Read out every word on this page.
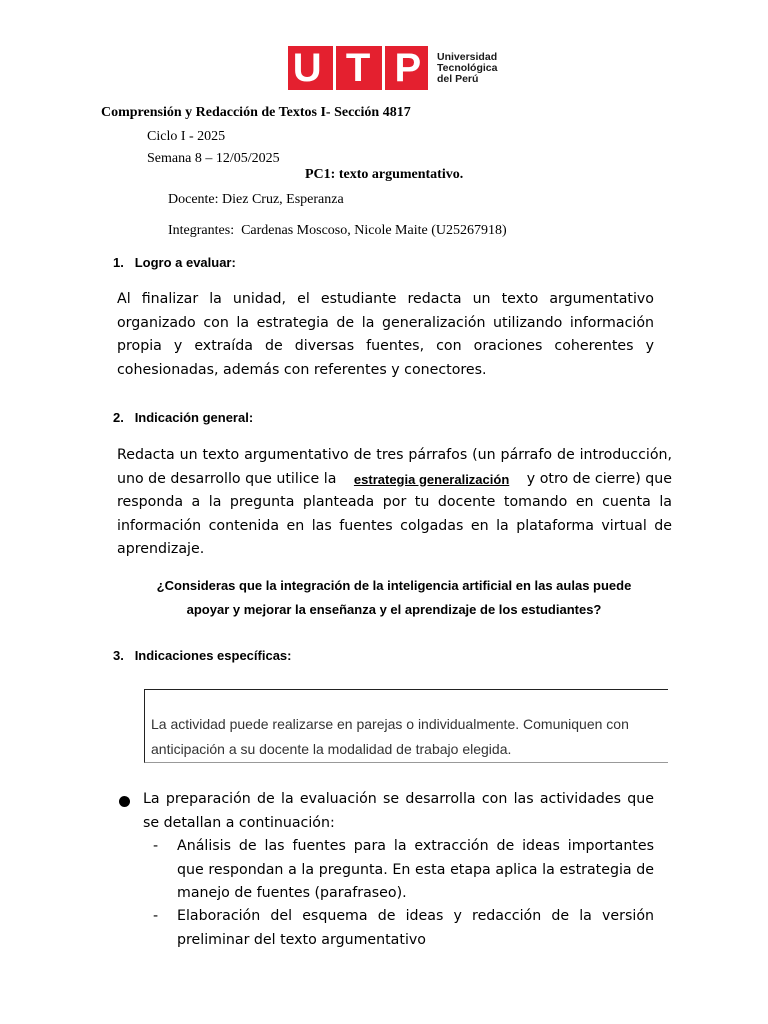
U T P Universidad
Tecnológica
del Perú
Comprensión y Redacción de Textos I- Sección 4817
Ciclo I - 2025
Semana 8 – 12/05/2025
PC1: texto argumentativo.
Docente: Diez Cruz, Esperanza
Integrantes: Cardenas Moscoso, Nicole Maite (U25267918)
1. Logro a evaluar:
Al finalizar la unidad, el estudiante redacta un texto argumentativo
organizado con la estrategia de la generalización utilizando información
propia y extraída de diversas fuentes, con oraciones coherentes y
cohesionadas, además con referentes y conectores.
2. Indicación general:
Redacta un texto argumentativo de tres párrafos (un párrafo de introducción,
uno de desarrollo que utilice la estrategia generalización y otro de cierre) que
responda a la pregunta planteada por tu docente tomando en cuenta la
información contenida en las fuentes colgadas en la plataforma virtual de
aprendizaje.
¿Consideras que la integración de la inteligencia artificial en las aulas puede
apoyar y mejorar la enseñanza y el aprendizaje de los estudiantes?
3. Indicaciones específicas:
La actividad puede realizarse en parejas o individualmente. Comuniquen con
anticipación a su docente la modalidad de trabajo elegida.
La preparación de la evaluación se desarrolla con las actividades que
se detallan a continuación:
- Análisis de las fuentes para la extracción de ideas importantes
que respondan a la pregunta. En esta etapa aplica la estrategia de
manejo de fuentes (parafraseo).
- Elaboración del esquema de ideas y redacción de la versión
preliminar del texto argumentativo
